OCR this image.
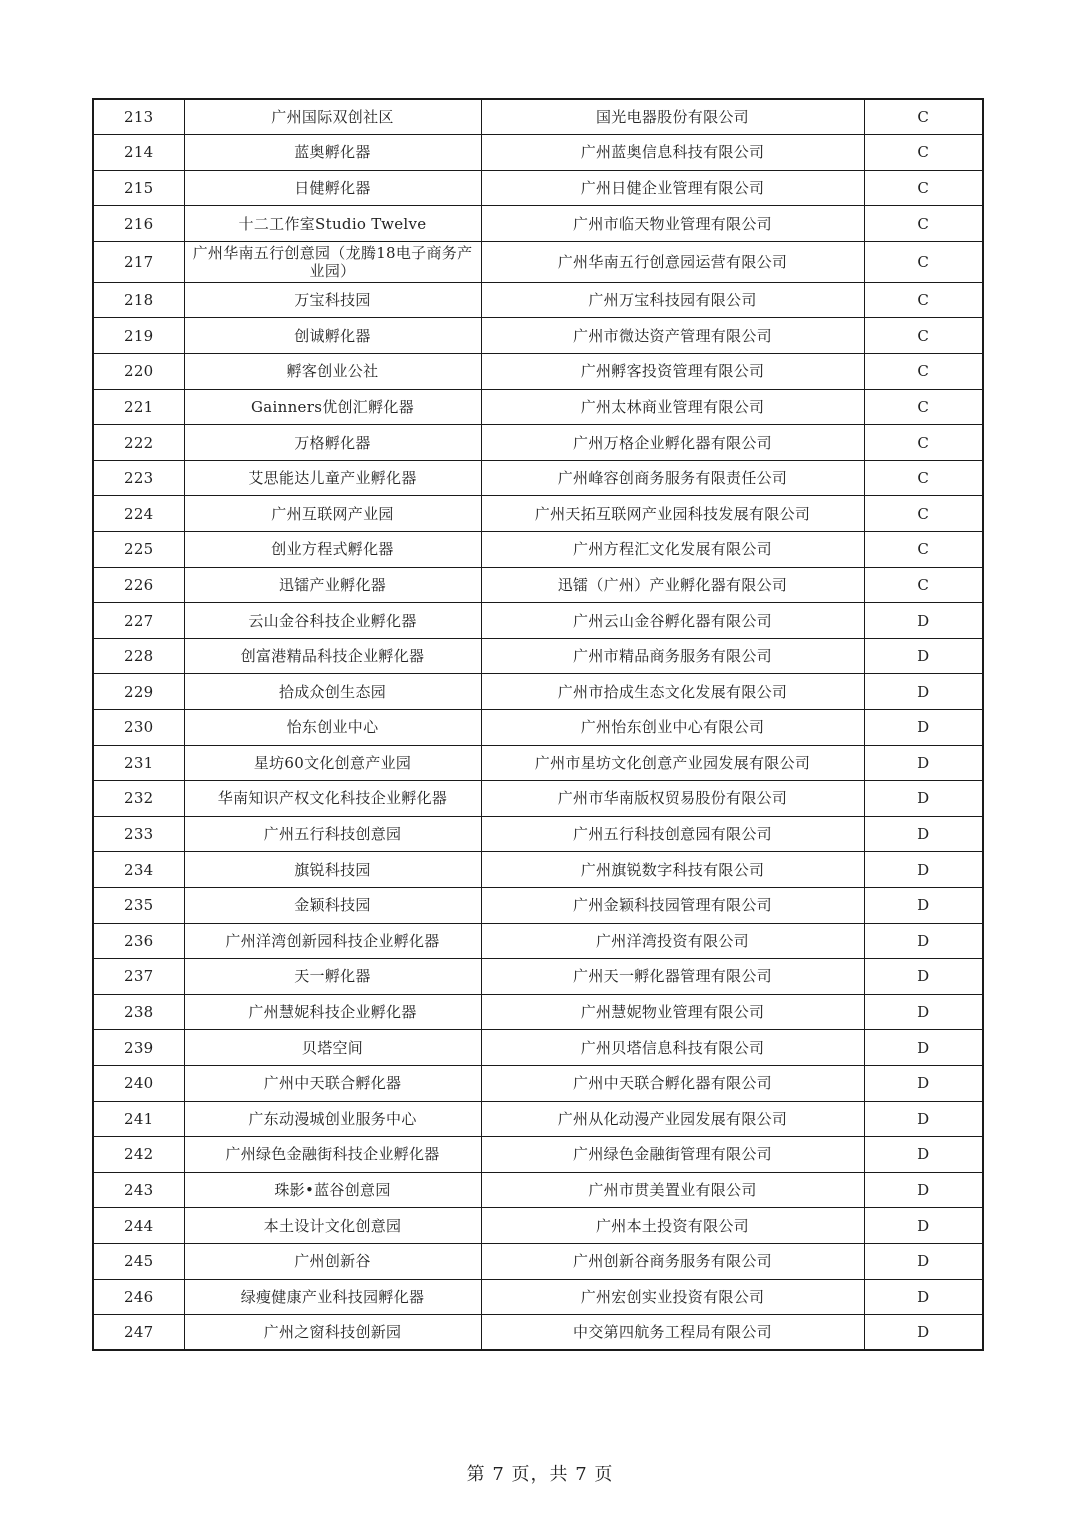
213	广州国际双创社区	国光电器股份有限公司	C
214	蓝奥孵化器	广州蓝奥信息科技有限公司	C
215	日健孵化器	广州日健企业管理有限公司	C
216	十二工作室Studio Twelve	广州市临天物业管理有限公司	C
217	广州华南五行创意园（龙腾18电子商务产业园）	广州华南五行创意园运营有限公司	C
218	万宝科技园	广州万宝科技园有限公司	C
219	创诚孵化器	广州市微达资产管理有限公司	C
220	孵客创业公社	广州孵客投资管理有限公司	C
221	Gainners优创汇孵化器	广州太林商业管理有限公司	C
222	万格孵化器	广州万格企业孵化器有限公司	C
223	艾思能达儿童产业孵化器	广州峰容创商务服务有限责任公司	C
224	广州互联网产业园	广州天拓互联网产业园科技发展有限公司	C
225	创业方程式孵化器	广州方程汇文化发展有限公司	C
226	迅镭产业孵化器	迅镭（广州）产业孵化器有限公司	C
227	云山金谷科技企业孵化器	广州云山金谷孵化器有限公司	D
228	创富港精品科技企业孵化器	广州市精品商务服务有限公司	D
229	拾成众创生态园	广州市拾成生态文化发展有限公司	D
230	怡东创业中心	广州怡东创业中心有限公司	D
231	星坊60文化创意产业园	广州市星坊文化创意产业园发展有限公司	D
232	华南知识产权文化科技企业孵化器	广州市华南版权贸易股份有限公司	D
233	广州五行科技创意园	广州五行科技创意园有限公司	D
234	旗锐科技园	广州旗锐数字科技有限公司	D
235	金颖科技园	广州金颖科技园管理有限公司	D
236	广州洋湾创新园科技企业孵化器	广州洋湾投资有限公司	D
237	天一孵化器	广州天一孵化器管理有限公司	D
238	广州慧妮科技企业孵化器	广州慧妮物业管理有限公司	D
239	贝塔空间	广州贝塔信息科技有限公司	D
240	广州中天联合孵化器	广州中天联合孵化器有限公司	D
241	广东动漫城创业服务中心	广州从化动漫产业园发展有限公司	D
242	广州绿色金融街科技企业孵化器	广州绿色金融街管理有限公司	D
243	珠影•蓝谷创意园	广州市贯美置业有限公司	D
244	本土设计文化创意园	广州本土投资有限公司	D
245	广州创新谷	广州创新谷商务服务有限公司	D
246	绿瘦健康产业科技园孵化器	广州宏创实业投资有限公司	D
247	广州之窗科技创新园	中交第四航务工程局有限公司	D
第 7 页，共 7 页
